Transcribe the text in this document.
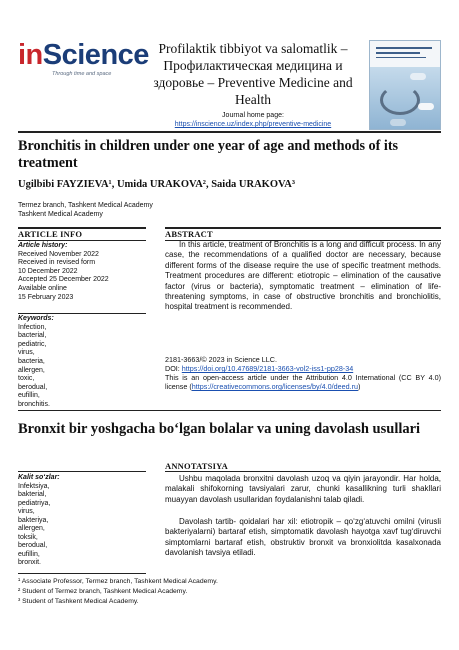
inScience
Through time and space
Profilaktik tibbiyot va salomatlik – Профилактическая медицина и здоровье – Preventive Medicine and Health
Journal home page:
https://inscience.uz/index.php/preventive-medicine
Bronchitis in children under one year of age and methods of its treatment
Ugilbibi FAYZIEVA¹, Umida URAKOVA², Saida URAKOVA³
Termez branch, Tashkent Medical Academy
Tashkent Medical Academy
ARTICLE INFO	ABSTRACT
Article history:
Received November 2022
Received in revised form
10 December 2022
Accepted 25 December 2022
Available online
15 February 2023
Keywords:
Infection,
bacterial,
pediatric,
virus,
bacteria,
allergen,
toxic,
berodual,
eufillin,
bronchitis.
In this article, treatment of Bronchitis is a long and difficult process. In any case, the recommendations of a qualified doctor are necessary, because different forms of the disease require the use of specific treatment methods. Treatment procedures are different: etiotropic – elimination of the causative factor (virus or bacteria), symptomatic treatment – elimination of life-threatening symptoms, in case of obstructive bronchitis and bronchiolitis, hospital treatment is recommended.
2181-3663/© 2023 in Science LLC.
DOI: https://doi.org/10.47689/2181-3663-vol2-iss1-pp28-34
This is an open-access article under the Attribution 4.0 International (CC BY 4.0) license (https://creativecommons.org/licenses/by/4.0/deed.ru)
Bronxit bir yoshgacha bo‘lgan bolalar va uning davolash usullari
Kalit so‘zlar:
Infektsiya,
bakterial,
pediatriya,
virus,
bakteriya,
allergen,
toksik,
berodual,
eufillin,
bronxit.
ANNOTATSIYA
Ushbu maqolada bronxitni davolash uzoq va qiyin jarayondir. Har holda, malakali shifokorning tavsiyalari zarur, chunki kasallikning turli shakllari muayyan davolash usullaridan foydalanishni talab qiladi.
Davolash tartib- qoidalari har xil: etiotropik – qo‘zg‘atuvchi omilni (virusli bakteriyalarni) bartaraf etish, simptomatik davolash hayotga xavf tug‘diruvchi simptomlarni bartaraf etish, obstruktiv bronxit va bronxiolitda kasalxonada davolanish tavsiya etiladi.
¹ Associate Professor, Termez branch, Tashkent Medical Academy.
² Student of Termez branch, Tashkent Medical Academy.
³ Student of Tashkent Medical Academy.
